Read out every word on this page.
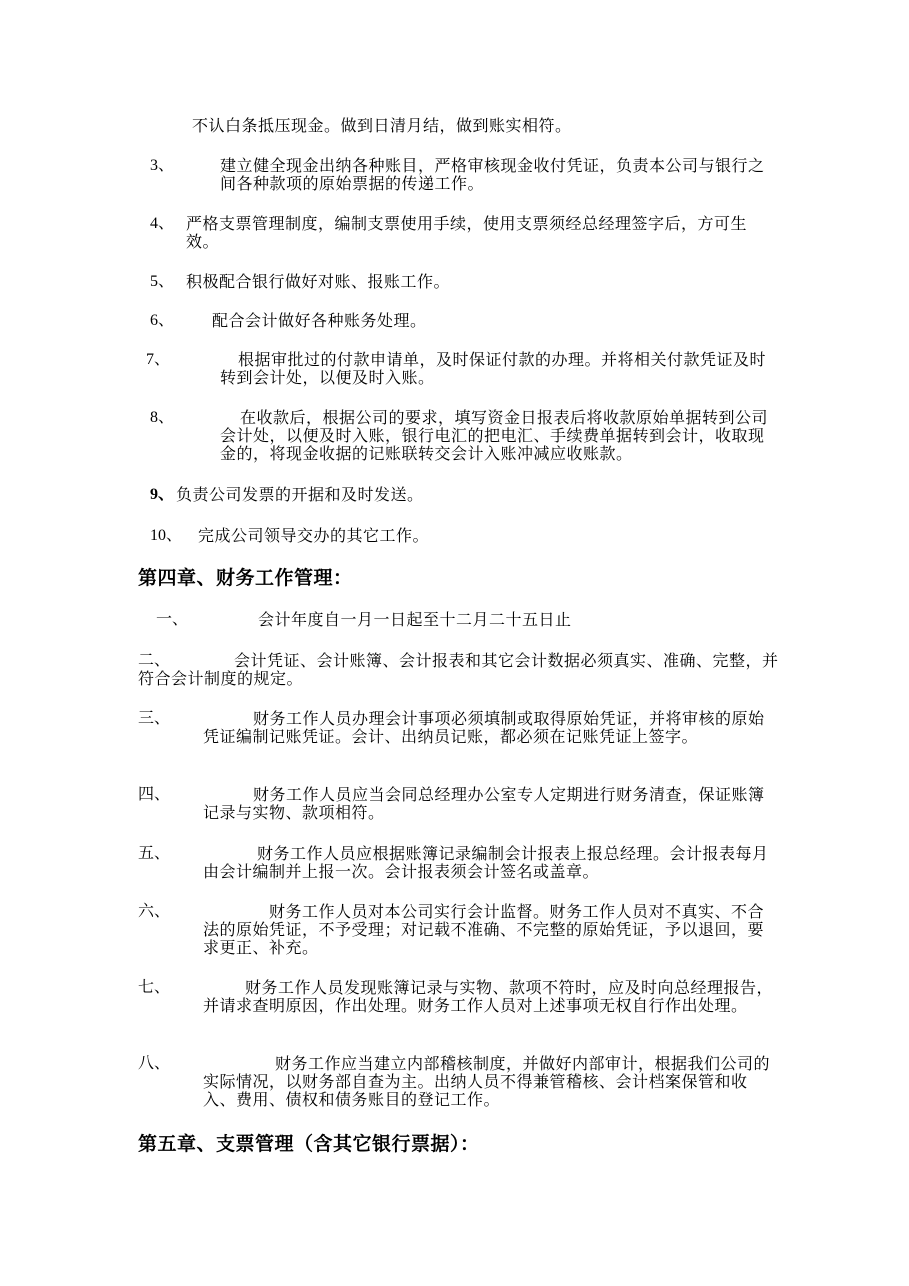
不认白条抵压现金。做到日清月结，做到账实相符。
3、	建立健全现金出纳各种账目，严格审核现金收付凭证，负责本公司与银行之间各种款项的原始票据的传递工作。
4、 严格支票管理制度，编制支票使用手续，使用支票须经总经理签字后，方可生效。
5、 积极配合银行做好对账、报账工作。
6、 配合会计做好各种账务处理。
7、	根据审批过的付款申请单，及时保证付款的办理。并将相关付款凭证及时转到会计处，以便及时入账。
8、	在收款后，根据公司的要求，填写资金日报表后将收款原始单据转到公司会计处，以便及时入账，银行电汇的把电汇、手续费单据转到会计，收取现金的，将现金收据的记账联转交会计入账冲减应收账款。
9、 负责公司发票的开据和及时发送。
10、 完成公司领导交办的其它工作。
第四章、财务工作管理：
一、	会计年度自一月一日起至十二月二十五日止
二、	会计凭证、会计账簿、会计报表和其它会计数据必须真实、准确、完整，并符合会计制度的规定。
三、	财务工作人员办理会计事项必须填制或取得原始凭证，并将审核的原始凭证编制记账凭证。会计、出纳员记账，都必须在记账凭证上签字。
四、	财务工作人员应当会同总经理办公室专人定期进行财务清查，保证账簿记录与实物、款项相符。
五、	财务工作人员应根据账簿记录编制会计报表上报总经理。会计报表每月由会计编制并上报一次。会计报表须会计签名或盖章。
六、	财务工作人员对本公司实行会计监督。财务工作人员对不真实、不合法的原始凭证，不予受理；对记载不准确、不完整的原始凭证，予以退回，要求更正、补充。
七、	财务工作人员发现账簿记录与实物、款项不符时，应及时向总经理报告，并请求查明原因，作出处理。财务工作人员对上述事项无权自行作出处理。
八、	财务工作应当建立内部稽核制度，并做好内部审计，根据我们公司的实际情况，以财务部自查为主。出纳人员不得兼管稽核、会计档案保管和收入、费用、债权和债务账目的登记工作。
第五章、支票管理（含其它银行票据）：
